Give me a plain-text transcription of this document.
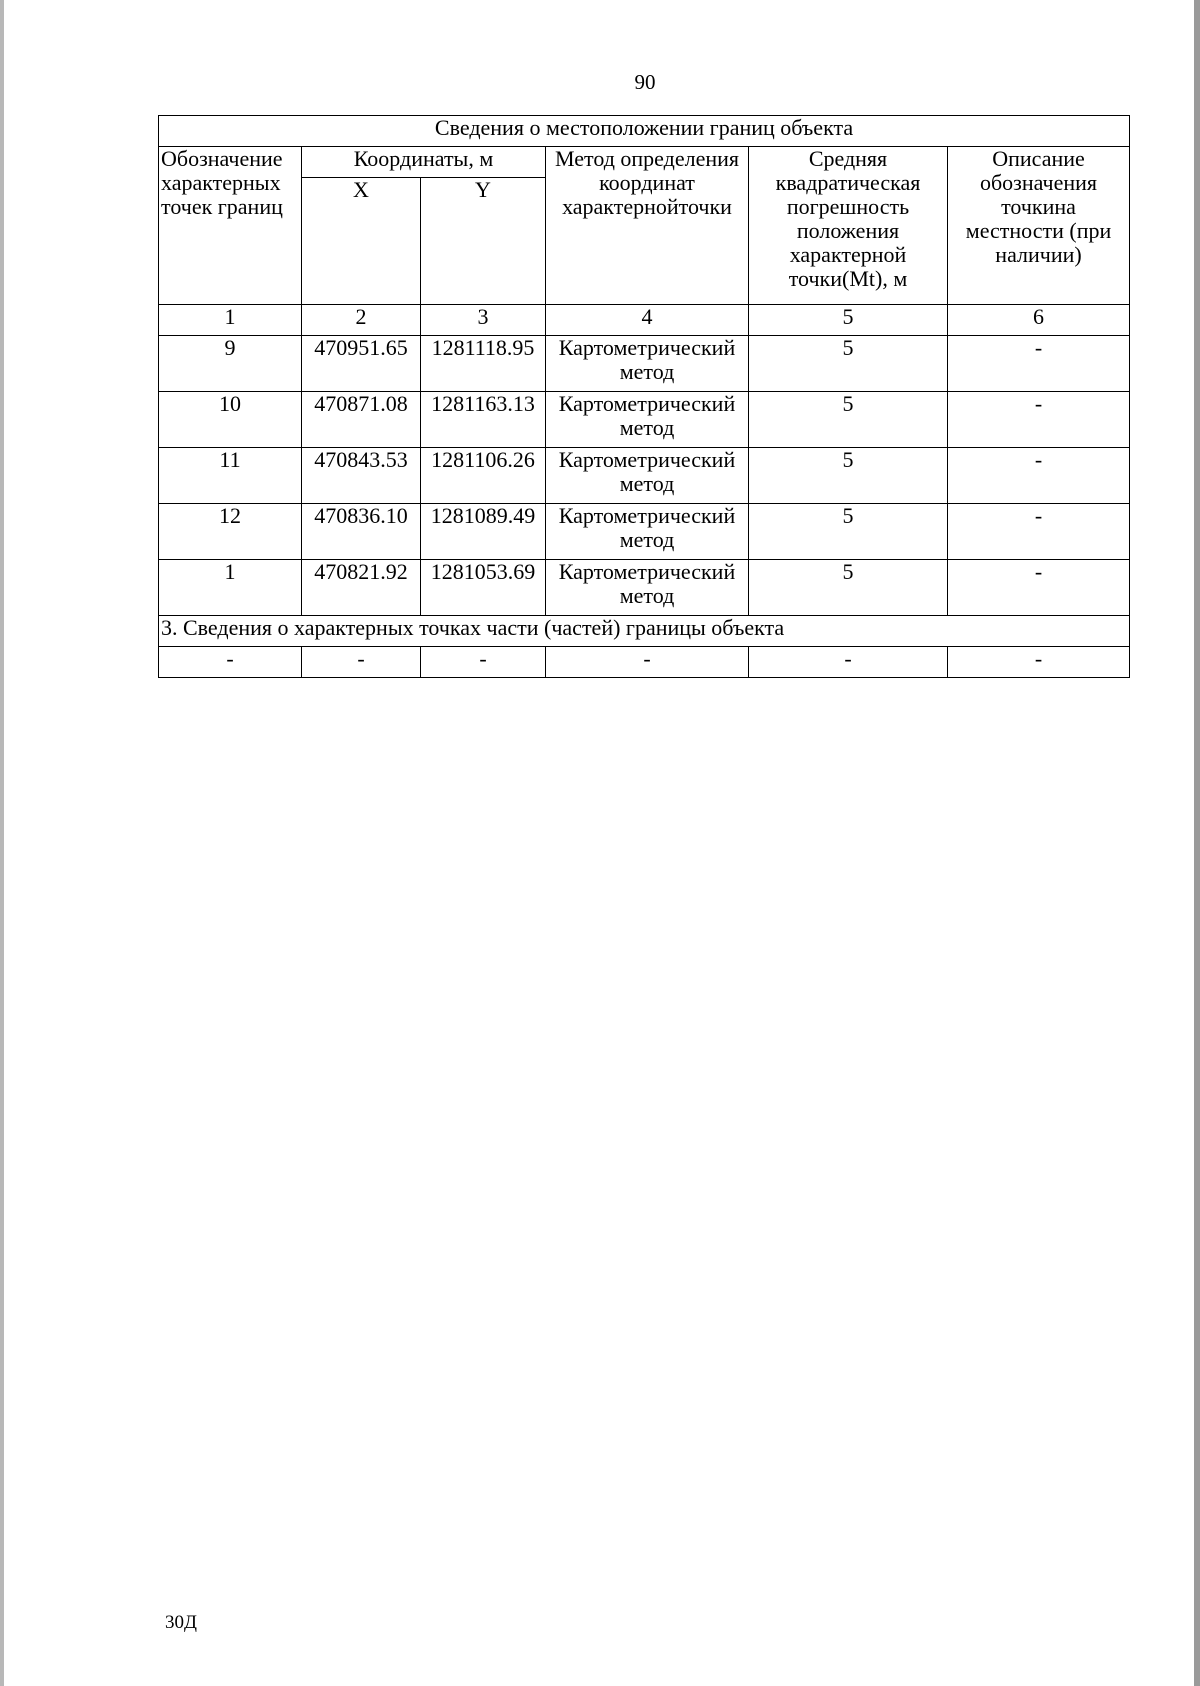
90
Сведения о местоположении границ объекта					
Обозначение характерных точек границ	Координаты, м		Метод определения координат характернойточки	Средняя квадратическая погрешность положения характерной точки(Mt), м	Описание обозначения точкина местности (при наличии)
	X	Y			
1	2	3	4	5	6
9	470951.65	1281118.95	Картометрический метод	5	-
10	470871.08	1281163.13	Картометрический метод	5	-
11	470843.53	1281106.26	Картометрический метод	5	-
12	470836.10	1281089.49	Картометрический метод	5	-
1	470821.92	1281053.69	Картометрический метод	5	-
3. Сведения о характерных точках части (частей) границы объекта					
-	-	-	-	-	-
30Д
